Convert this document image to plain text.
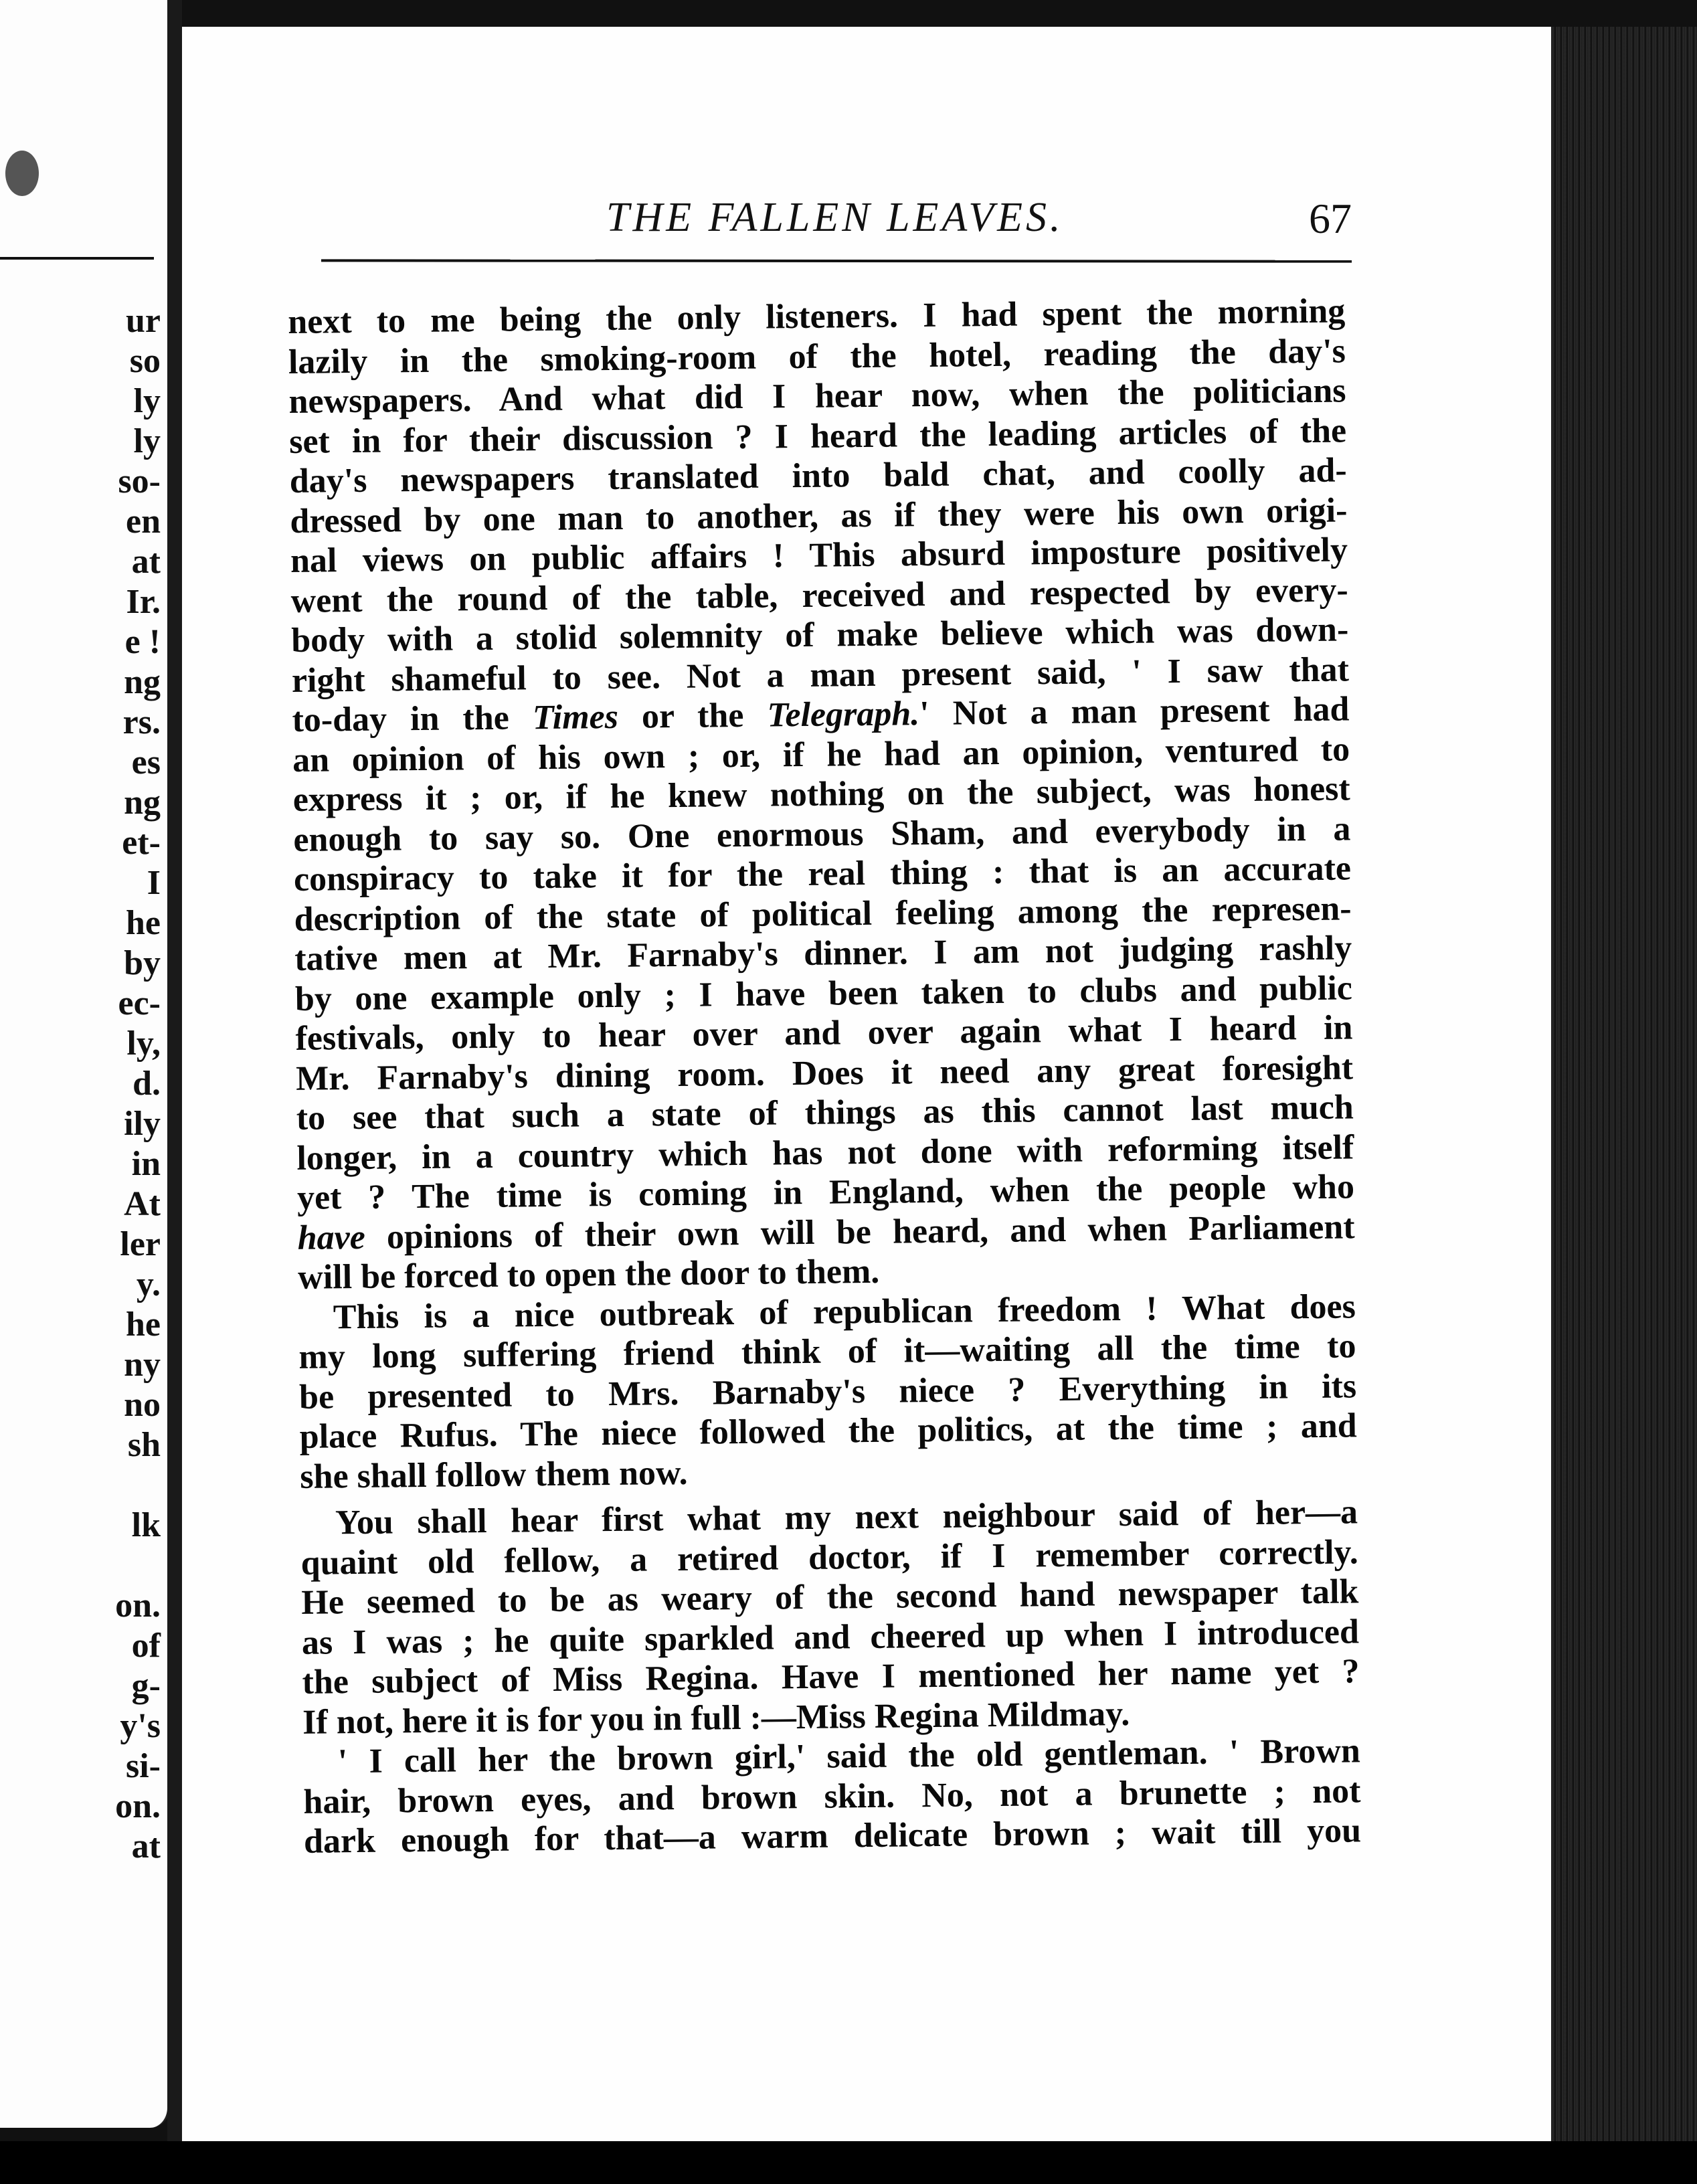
ur
so
ly
ly
so-
en
at
Ir.
e !
ng
rs.
es
ng
et-
I
he
by
ec-
ly,
d.
ily
in
At
ler
y.
he
ny
no
sh
lk
on.
of
g-
y's
si-
on.
at
THE FALLEN LEAVES.	67
next to me being the only listeners. I had spent the morning
lazily in the smoking-room of the hotel, reading the day's
newspapers. And what did I hear now, when the politicians
set in for their discussion ? I heard the leading articles of the
day's newspapers translated into bald chat, and coolly ad-
dressed by one man to another, as if they were his own origi-
nal views on public affairs ! This absurd imposture positively
went the round of the table, received and respected by every-
body with a stolid solemnity of make believe which was down-
right shameful to see. Not a man present said, ' I saw that
to-day in the Times or the Telegraph.' Not a man present had
an opinion of his own ; or, if he had an opinion, ventured to
express it ; or, if he knew nothing on the subject, was honest
enough to say so. One enormous Sham, and everybody in a
conspiracy to take it for the real thing : that is an accurate
description of the state of political feeling among the represen-
tative men at Mr. Farnaby's dinner. I am not judging rashly
by one example only ; I have been taken to clubs and public
festivals, only to hear over and over again what I heard in
Mr. Farnaby's dining room. Does it need any great foresight
to see that such a state of things as this cannot last much
longer, in a country which has not done with reforming itself
yet ? The time is coming in England, when the people who
have opinions of their own will be heard, and when Parliament
will be forced to open the door to them.
This is a nice outbreak of republican freedom ! What does
my long suffering friend think of it—waiting all the time to
be presented to Mrs. Barnaby's niece ? Everything in its
place Rufus. The niece followed the politics, at the time ; and
she shall follow them now.
You shall hear first what my next neighbour said of her—a
quaint old fellow, a retired doctor, if I remember correctly.
He seemed to be as weary of the second hand newspaper talk
as I was ; he quite sparkled and cheered up when I introduced
the subject of Miss Regina. Have I mentioned her name yet ?
If not, here it is for you in full :—Miss Regina Mildmay.
' I call her the brown girl,' said the old gentleman. ' Brown
hair, brown eyes, and brown skin. No, not a brunette ; not
dark enough for that—a warm delicate brown ; wait till you
